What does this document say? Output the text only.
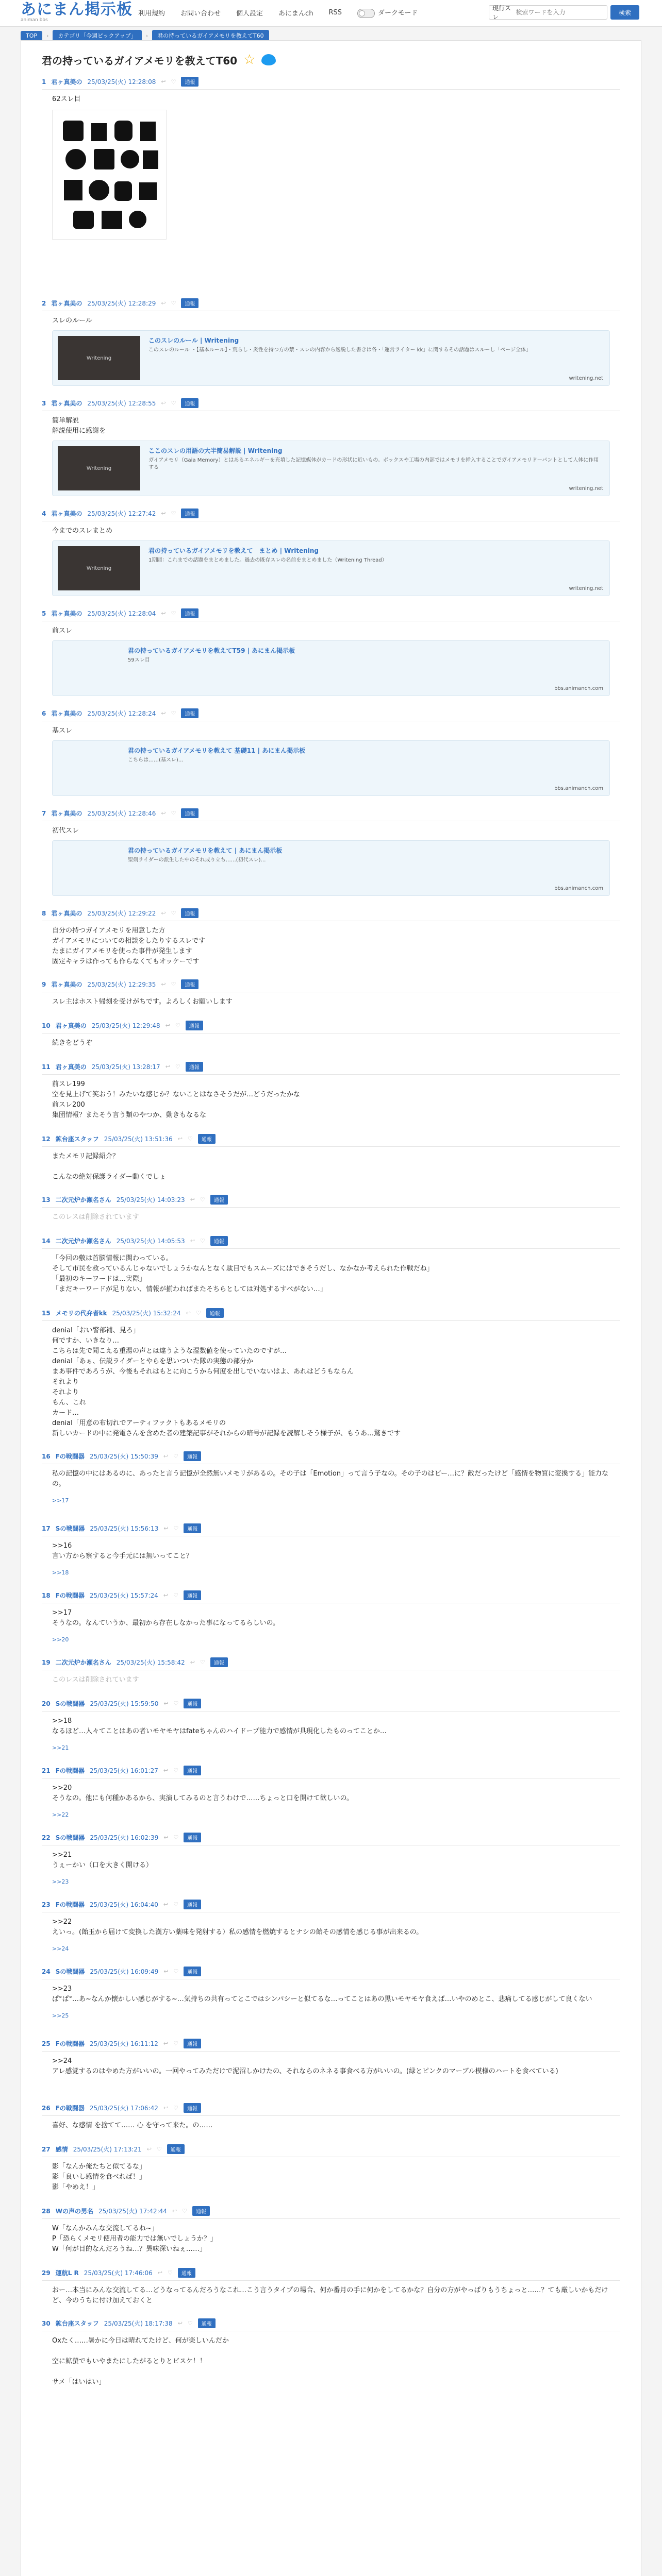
あにまん掲示板
animan bbs
利用規約 お問い合わせ 個人設定 あにまんch RSS	ダークモード
現行スレ
検索ワードを入力
検索
TOP	›	カテゴリ「今週ピックアップ」	›	君の持っているガイアメモリを教えてT60
君の持っているガイアメモリを教えてT60 ☆
1 君ヶ真美の 25/03/25(火) 12:28:08 ↩ ♡	通報
62スレ目
2 君ヶ真美の 25/03/25(火) 12:28:29 ↩ ♡	通報
スレのルール
Writening
このスレのルール | Writening
このスレのルール ・【基本ルール】・荒らし・炎性を持つ方の禁・スレの内容から逸脱した書きは各・「運営ライター kk」に関するその話題はスルーし「ページ全体」
writening.net
3 君ヶ真美の 25/03/25(火) 12:28:55 ↩ ♡	通報
簡単解説
解説使用に感謝を
Writening
ここのスレの用語の大半簡易解説 | Writening
ガイアメモリ（Gaia Memory）とはあるエネルギーを充填した記憶媒体がカードの形状に近いもの。ボックスや工場の内部ではメモリを挿入することでガイアメモリドーパントとして人体に作用する
writening.net
4 君ヶ真美の 25/03/25(火) 12:27:42 ↩ ♡	通報
今までのスレまとめ
Writening
君の持っているガイアメモリを教えて　まとめ | Writening
1期間：これまでの話題をまとめました。過去の既存スレの名前をまとめました（Writening Thread）
writening.net
5 君ヶ真美の 25/03/25(火) 12:28:04 ↩ ♡	通報
前スレ
君の持っているガイアメモリを教えてT59 | あにまん掲示板
59スレ目
bbs.animanch.com
6 君ヶ真美の 25/03/25(火) 12:28:24 ↩ ♡	通報
基スレ
君の持っているガイアメモリを教えて 基礎11 | あにまん掲示板
こちらは……(基スレ)…
bbs.animanch.com
7 君ヶ真美の 25/03/25(火) 12:28:46 ↩ ♡	通報
初代スレ
君の持っているガイアメモリを教えて | あにまん掲示板
聖剣ライダーの派生した中のそれ成り立ち……(初代スレ)…
bbs.animanch.com
8 君ヶ真美の 25/03/25(火) 12:29:22 ↩ ♡	通報
自分の持つガイアメモリを用意した方
ガイアメモリについての相談をしたりするスレです
たまにガイアメモリを使った事件が発生します
固定キャラは作っても作らなくてもオッケーです
9 君ヶ真美の 25/03/25(火) 12:29:35 ↩ ♡	通報
スレ主はホスト帰刻を受けがちです。よろしくお願いします
10 君ヶ真美の 25/03/25(火) 12:29:48 ↩ ♡	通報
続きをどうぞ
11 君ヶ真美の 25/03/25(火) 13:28:17 ↩ ♡	通報
前スレ199
空を見上げて笑おう！みたいな感じか？ないことはなさそうだが…どうだったかな
前スレ200
集団情報？またそう言う類のやつか、動きもなるな
12 鉱台座スタッフ 25/03/25(火) 13:51:36 ↩ ♡	通報
またメモリ記録紹介？

こんなの絶対保護ライダー動くでしょ
13 二次元炉か瀬名さん 25/03/25(火) 14:03:23 ↩ ♡	通報
このレスは削除されています
14 二次元炉か瀬名さん 25/03/25(火) 14:05:53 ↩ ♡	通報
「今回の敷は首脳情報に関わっている。
そして市民を救っているんじゃないでしょうかなんとなく駄目でもスムーズにはできそうだし、なかなか考えられた作戦だね」
「最初のキーワードは…実際」
「まだキーワードが足りない、情報が揃わればまたそちらとしては対処するすべがない…」
15 メモリの代弁者kk 25/03/25(火) 15:32:24 ↩ ♡	通報
denial「おい警部補、見ろ」
何ですか、いきなり…
こちらは先で聞こえる重湯の声とは違うような湿数値を使っていたのですが…
denial「あぁ、伝説ライダーとやらを思いついた隊の実態の部分か
まあ事件であろうが、今後もそれはもとに向こうから何度を出しでいないはよ、あれはどうもならん
それより
それより
もん、これ
カード…
denial「用意の布切れでアーティファクトもあるメモリの
新しいカードの中に発電さんを含めた者の建築記事がそれからの暗号が記録を読解しそう様子が、もうあ…驚きです
16 Fの戦闘器 25/03/25(火) 15:50:39 ↩ ♡	通報
私の記憶の中にはあるのに、あったと言う記憶が全然無いメモリがあるの。その子は「Emotion」って言う子なの。その子のはビー…に？敵だったけど「感情を物質に変換する」能力なの。
>>17
17 Sの戦闘器 25/03/25(火) 15:56:13 ↩ ♡	通報
>>16
言い方から察すると今手元には無いってこと？
>>18
18 Fの戦闘器 25/03/25(火) 15:57:24 ↩ ♡	通報
>>17
そうなの。なんていうか、最初から存在しなかった事になってるらしいの。
>>20
19 二次元炉か瀬名さん 25/03/25(火) 15:58:42 ↩ ♡	通報
このレスは削除されています
20 Sの戦闘器 25/03/25(火) 15:59:50 ↩ ♡	通報
>>18
なるほど…人々てことはあの者いモヤモヤはfateちゃんのハイドープ能力で感情が具現化したものってことか…
>>21
21 Fの戦闘器 25/03/25(火) 16:01:27 ↩ ♡	通報
>>20
そうなの。他にも何種かあるから、実演してみるのと言うわけで……ちょっと口を開けて欲しいの。
>>22
22 Sの戦闘器 25/03/25(火) 16:02:39 ↩ ♡	通報
>>21
うぇーかい（口を大きく開ける）
>>23
23 Fの戦闘器 25/03/25(火) 16:04:40 ↩ ♡	通報
>>22
えいっ。(飴玉から届けて変換した漢方い薬味を発射する）私の感情を燃焼するとナシの飴その感情を感じる事が出来るの。
>>24
24 Sの戦闘器 25/03/25(火) 16:09:49 ↩ ♡	通報
>>23
ぱ°ぱ°…あ~なんか懐かしい感じがする~…気持ちの共有ってとこではシンパシーと似てるな…ってことはあの黒いモヤモヤ食えば…いやのめとこ、悲痛してる感じがして良くない
>>25
25 Fの戦闘器 25/03/25(火) 16:11:12 ↩ ♡	通報
>>24
アレ感覚するのはやめた方がいいの。一回やってみただけで泥沼しかけたの、それならのネネる事食べる方がいいの。(緑とピンクのマーブル模様のハートを食べている)
26 Fの戦闘器 25/03/25(火) 17:06:42 ↩ ♡	通報
喜好、な感情 を捨てて…… 心 を守って来た。の……
27 感情 25/03/25(火) 17:13:21 ↩ ♡	通報
影「なんか俺たちと似てるな」
影「良いし感情を食べれば！」
影「やめえ！」
28 Wの声の男名 25/03/25(火) 17:42:44 ↩ ♡	通報
W「なんかみんな交流してるね~」
P「恐らくメモリ使用者の能力では無いでしょうか？」
W「何が目的なんだろうね…？異味深いねぇ……」
29 運航L R 25/03/25(火) 17:46:06 ↩ ♡	通報
おー…本当にみんな交流してる…どうなってるんだろうなこれ…こう言うタイプの場合、何か番月の手に何かをしてるかな？自分の方がやっぱりもうちょっと……？ても厳しいかもだけど、今のうちに付け加えておくと
30 鉱台座スタッフ 25/03/25(火) 18:17:38 ↩ ♡	通報
Oxたく……暑かに今日は晴れてたけど、何が楽しいんだか

空に鉱螢でもいやまたにしたがるとりとビスケ！！

サメ「はいはい」
